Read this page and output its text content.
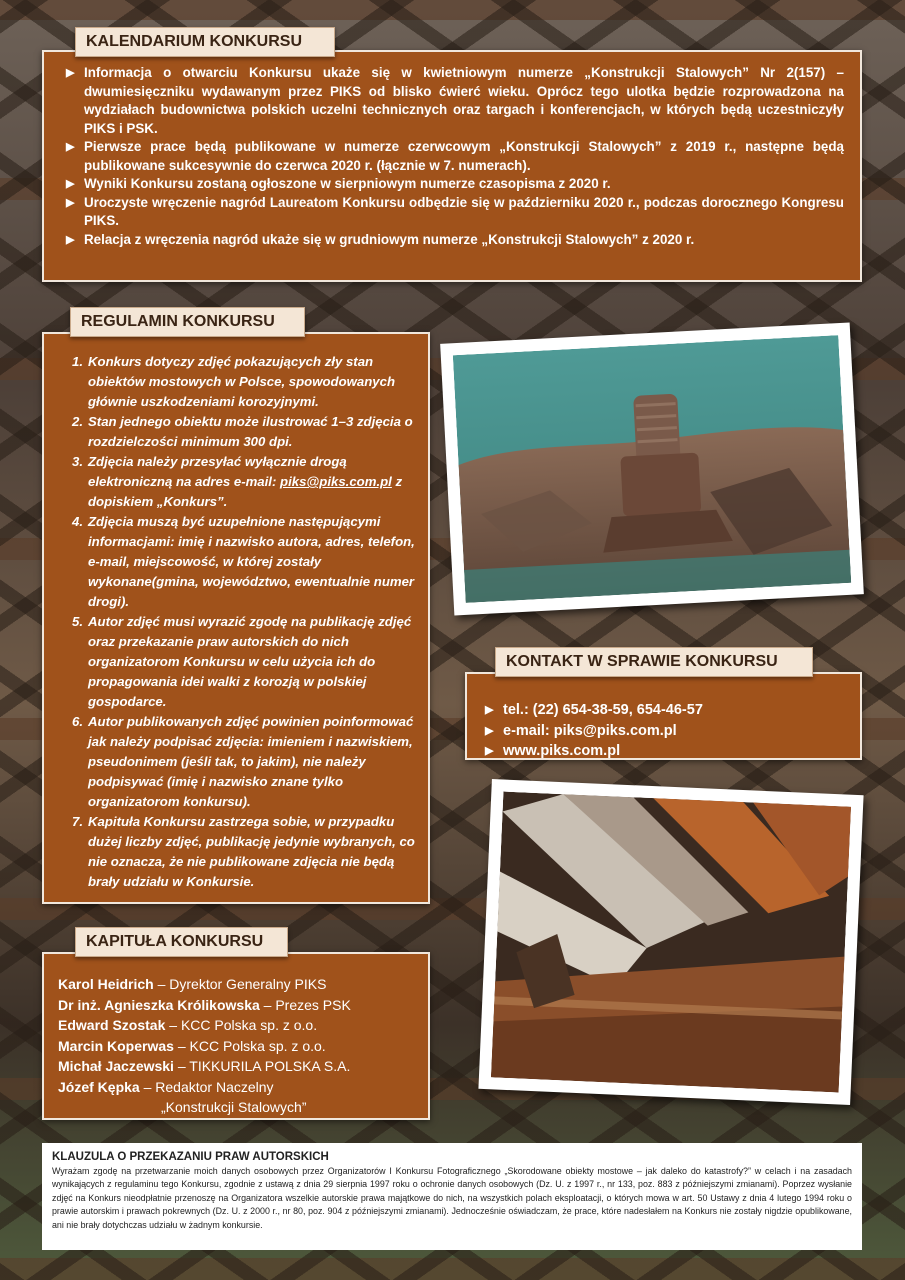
▶ Informacja o otwarciu Konkursu ukaże się w kwietniowym numerze „Konstrukcji Stalowych” Nr 2(157) – dwumiesięczniku wydawanym przez PIKS od blisko ćwierć wieku. Oprócz tego ulotka będzie rozprowadzona na wydziałach budownictwa polskich uczelni technicznych oraz targach i konferencjach, w których będą uczestniczyły PIKS i PSK.
▶ Pierwsze prace będą publikowane w numerze czerwcowym „Konstrukcji Stalowych” z 2019 r., następne będą publikowane sukcesywnie do czerwca 2020 r. (łącznie w 7. numerach).
▶ Wyniki Konkursu zostaną ogłoszone w sierpniowym numerze czasopisma z 2020 r.
▶ Uroczyste wręczenie nagród Laureatom Konkursu odbędzie się w październiku 2020 r., podczas dorocznego Kongresu PIKS.
▶ Relacja z wręczenia nagród ukaże się w grudniowym numerze „Konstrukcji Stalowych” z 2020 r.
KALENDARIUM KONKURSU
1. Konkurs dotyczy zdjęć pokazujących zły stan obiektów mostowych w Polsce, spowodowanych głównie uszkodzeniami korozyjnymi.
2. Stan jednego obiektu może ilustrować 1–3 zdjęcia o rozdzielczości minimum 300 dpi.
3. Zdjęcia należy przesyłać wyłącznie drogą elektroniczną na adres e-mail: piks@piks.com.pl z dopiskiem „Konkurs”.
4. Zdjęcia muszą być uzupełnione następującymi informacjami: imię i nazwisko autora, adres, telefon, e-mail, miejscowość, w której zostały wykonane(gmina, województwo, ewentualnie numer drogi).
5. Autor zdjęć musi wyrazić zgodę na publikację zdjęć oraz przekazanie praw autorskich do nich organizatorom Konkursu w celu użycia ich do propagowania idei walki z korozją w polskiej gospodarce.
6. Autor publikowanych zdjęć powinien poinformować jak należy podpisać zdjęcia: imieniem i nazwiskiem, pseudonimem (jeśli tak, to jakim), nie należy podpisywać (imię i nazwisko znane tylko organizatorom konkursu).
7. Kapituła Konkursu zastrzega sobie, w przypadku dużej liczby zdjęć, publikację jedynie wybranych, co nie oznacza, że nie publikowane zdjęcia nie będą brały udziału w Konkursie.
REGULAMIN KONKURSU
▶ tel.: (22) 654-38-59, 654-46-57
▶ e-mail: piks@piks.com.pl
▶ www.piks.com.pl
KONTAKT W SPRAWIE KONKURSU
Karol Heidrich – Dyrektor Generalny PIKS
Dr inż. Agnieszka Królikowska – Prezes PSK
Edward Szostak – KCC Polska sp. z o.o.
Marcin Koperwas – KCC Polska sp. z o.o.
Michał Jaczewski – TIKKURILA POLSKA S.A.
Józef Kępka – Redaktor Naczelny
„Konstrukcji Stalowych”
KAPITUŁA KONKURSU
KLAUZULA O PRZEKAZANIU PRAW AUTORSKICH

Wyrażam zgodę na przetwarzanie moich danych osobowych przez Organizatorów I Konkursu Fotograficznego „Skorodowane obiekty mostowe – jak daleko do katastrofy?” w celach i na zasadach wynikających z regulaminu tego Konkursu, zgodnie z ustawą z dnia 29 sierpnia 1997 roku o ochronie danych osobowych (Dz. U. z 1997 r., nr 133, poz. 883 z późniejszymi zmianami). Poprzez wysłanie zdjęć na Konkurs nieodpłatnie przenoszę na Organizatora wszelkie autorskie prawa majątkowe do nich, na wszystkich polach eksploatacji, o których mowa w art. 50 Ustawy z dnia 4 lutego 1994 roku o prawie autorskim i prawach pokrewnych (Dz. U. z 2000 r., nr 80, poz. 904 z późniejszymi zmianami). Jednocześnie oświadczam, że prace, które nadesłałem na Konkurs nie zostały nigdzie opublikowane, ani nie brały dotychczas udziału w żadnym konkursie.
